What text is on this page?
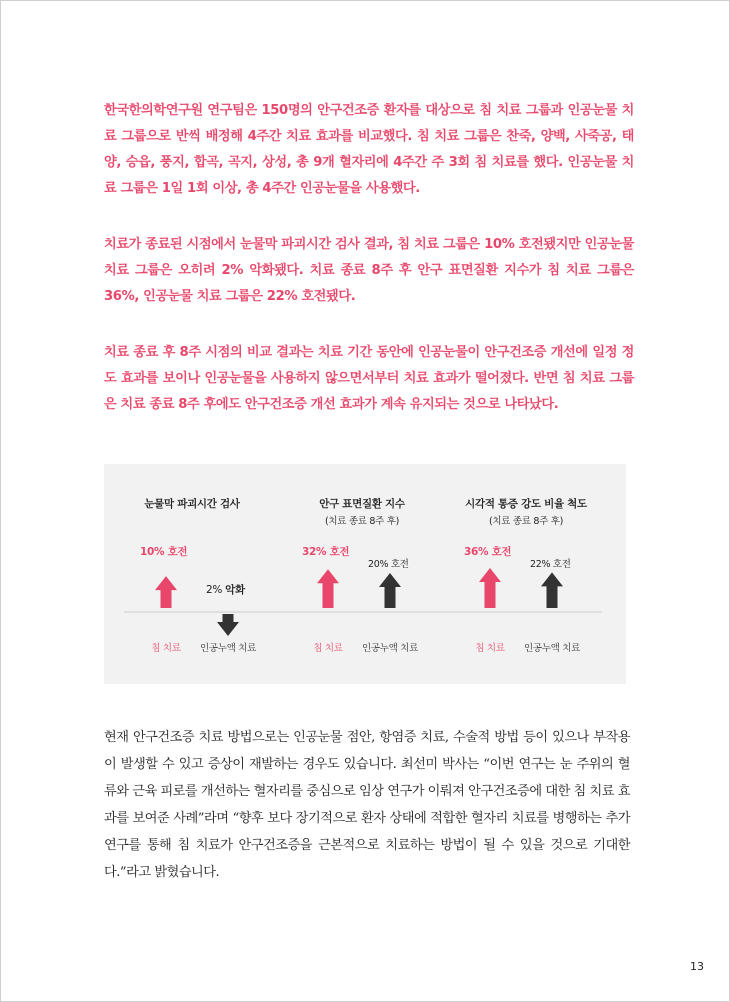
한국한의학연구원 연구팀은 150명의 안구건조증 환자를 대상으로 침 치료 그룹과 인공눈물 치료 그룹으로 반씩 배정해 4주간 치료 효과를 비교했다. 침 치료 그룹은 찬죽, 양백, 사죽공, 태양, 승읍, 풍지, 합곡, 곡지, 상성, 총 9개 혈자리에 4주간 주 3회 침 치료를 했다. 인공눈물 치료 그룹은 1일 1회 이상, 총 4주간 인공눈물을 사용했다.

치료가 종료된 시점에서 눈물막 파괴시간 검사 결과, 침 치료 그룹은 10% 호전됐지만 인공눈물 치료 그룹은 오히려 2% 악화됐다. 치료 종료 8주 후 안구 표면질환 지수가 침 치료 그룹은 36%, 인공눈물 치료 그룹은 22% 호전됐다.

치료 종료 후 8주 시점의 비교 결과는 치료 기간 동안에 인공눈물이 안구건조증 개선에 일정 정도 효과를 보이나 인공눈물을 사용하지 않으면서부터 치료 효과가 떨어졌다. 반면 침 치료 그룹은 치료 종료 8주 후에도 안구건조증 개선 효과가 계속 유지되는 것으로 나타났다.

눈물막 파괴시간 검사
10% 호전
2% 악화
침 치료 인공누액 치료
안구 표면질환 지수
(치료 종료 8주 후)
32% 호전
20% 호전
침 치료 인공누액 치료
시각적 통증 강도 비율 척도
(치료 종료 8주 후)
36% 호전
22% 호전
침 치료 인공누액 치료

현재 안구건조증 치료 방법으로는 인공눈물 점안, 항염증 치료, 수술적 방법 등이 있으나 부작용이 발생할 수 있고 증상이 재발하는 경우도 있습니다. 최선미 박사는 “이번 연구는 눈 주위의 혈류와 근육 피로를 개선하는 혈자리를 중심으로 임상 연구가 이뤄져 안구건조증에 대한 침 치료 효과를 보여준 사례”라며 “향후 보다 장기적으로 환자 상태에 적합한 혈자리 치료를 병행하는 추가 연구를 통해 침 치료가 안구건조증을 근본적으로 치료하는 방법이 될 수 있을 것으로 기대한다.”라고 밝혔습니다.

13
